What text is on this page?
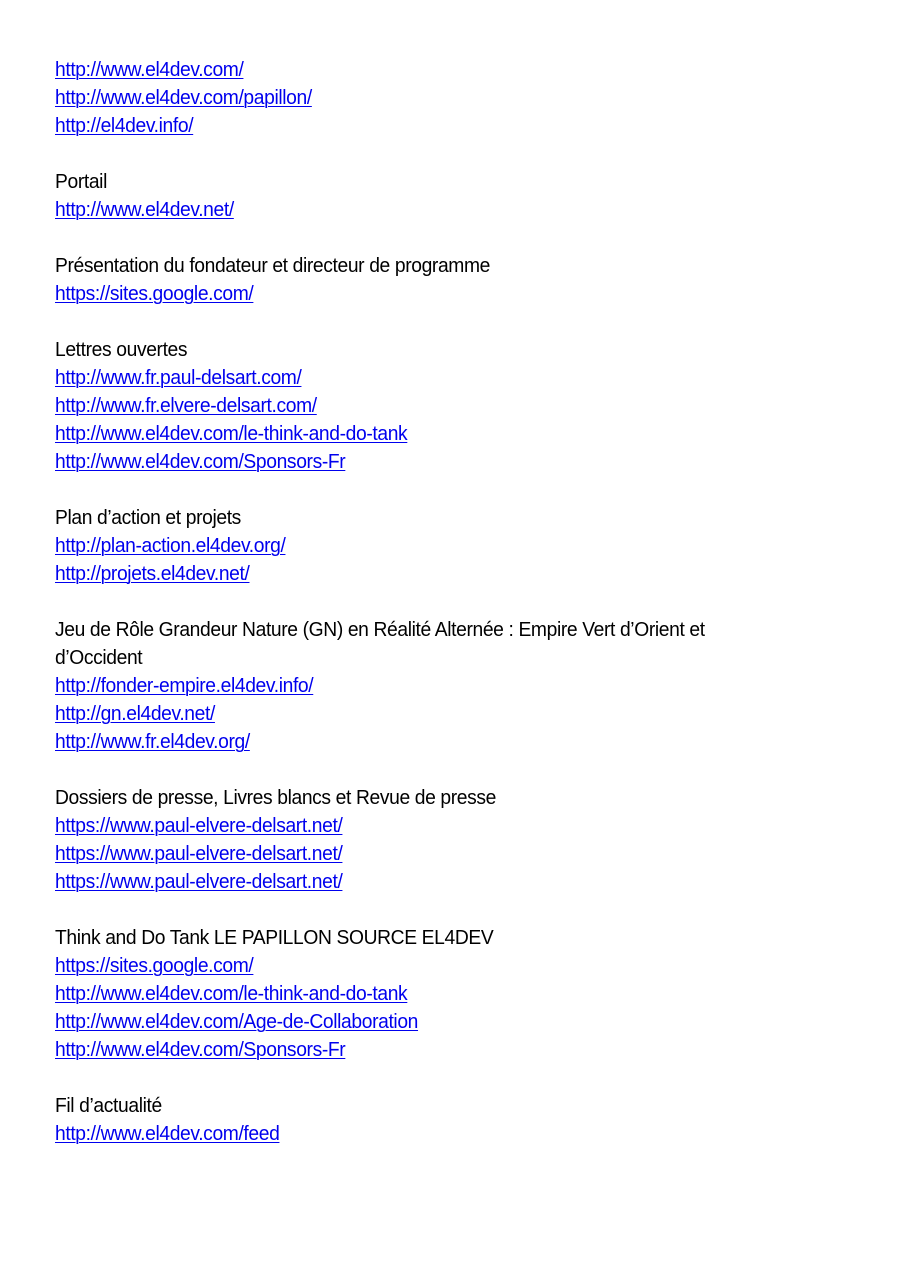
http://www.el4dev.com/
http://www.el4dev.com/papillon/
http://el4dev.info/
Portail
http://www.el4dev.net/
Présentation du fondateur et directeur de programme
https://sites.google.com/
Lettres ouvertes
http://www.fr.paul-delsart.com/
http://www.fr.elvere-delsart.com/
http://www.el4dev.com/le-think-and-do-tank
http://www.el4dev.com/Sponsors-Fr
Plan d’action et projets
http://plan-action.el4dev.org/
http://projets.el4dev.net/
Jeu de Rôle Grandeur Nature (GN) en Réalité Alternée : Empire Vert d’Orient et d’Occident
http://fonder-empire.el4dev.info/
http://gn.el4dev.net/
http://www.fr.el4dev.org/
Dossiers de presse, Livres blancs et Revue de presse
https://www.paul-elvere-delsart.net/
https://www.paul-elvere-delsart.net/
https://www.paul-elvere-delsart.net/
Think and Do Tank LE PAPILLON SOURCE EL4DEV
https://sites.google.com/
http://www.el4dev.com/le-think-and-do-tank
http://www.el4dev.com/Age-de-Collaboration
http://www.el4dev.com/Sponsors-Fr
Fil d’actualité
http://www.el4dev.com/feed
